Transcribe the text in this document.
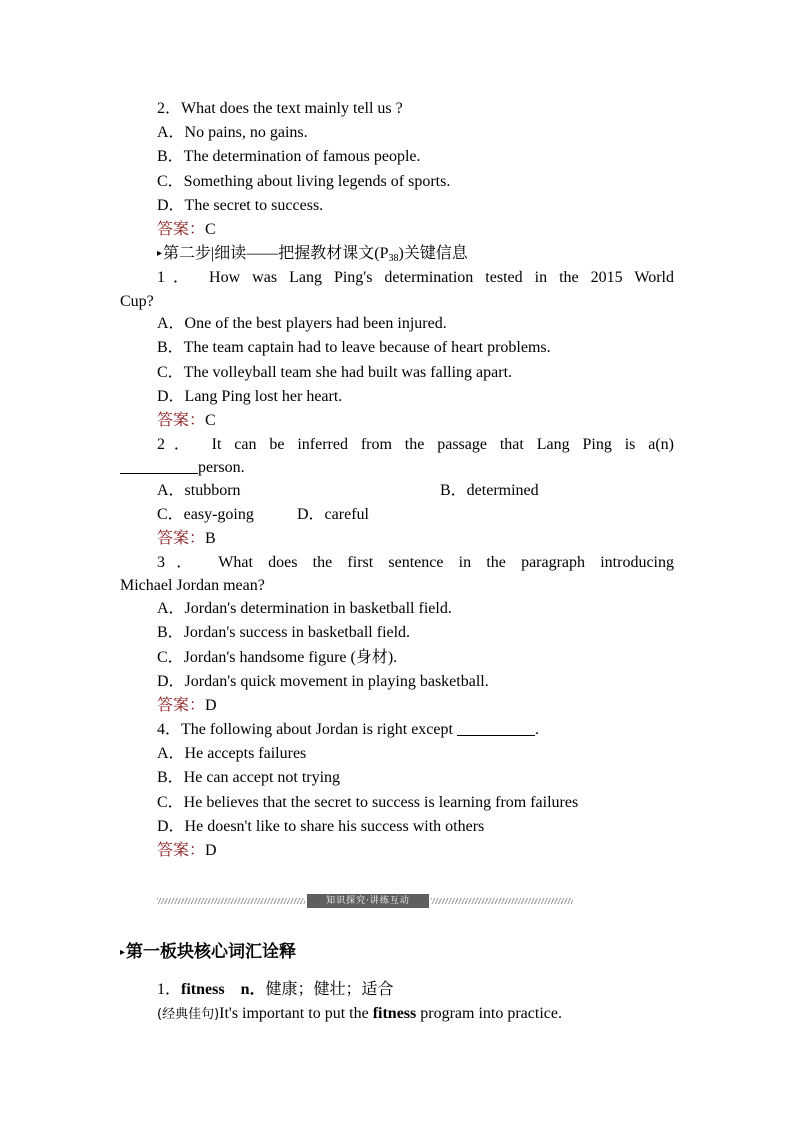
2．What does the text mainly tell us ?
A．No pains, no gains.
B．The determination of famous people.
C．Something about living legends of sports.
D．The secret to success.
答案：C
▸第二步|细读——把握教材课文$(P_{38})$关键信息
1． How was Lang Ping's determination tested in the 2015 World
Cup?
A．One of the best players had been injured.
B．The team captain had to leave because of heart problems.
C．The volleyball team she had built was falling apart.
D．Lang Ping lost her heart.
答案：C
2． It can be inferred from the passage that Lang Ping is a(n)
person.
A．stubborn	B．determined
C．easy-going	D．careful
答案：B
3． What does the first sentence in the paragraph introducing
Michael Jordan mean?
A．Jordan's determination in basketball field.
B．Jordan's success in basketball field.
C．Jordan's handsome figure (身材).
D．Jordan's quick movement in playing basketball.
答案：D
4．The following about Jordan is right except	.
A．He accepts failures
B．He can accept not trying
C．He believes that the secret to success is learning from failures
D．He doesn't like to share his success with others
答案：D
知识探究·讲练互动
▸第一板块核心词汇诠释
1．fitness n．健康；健壮；适合
(经典佳句)It's important to put the fitness program into practice.
